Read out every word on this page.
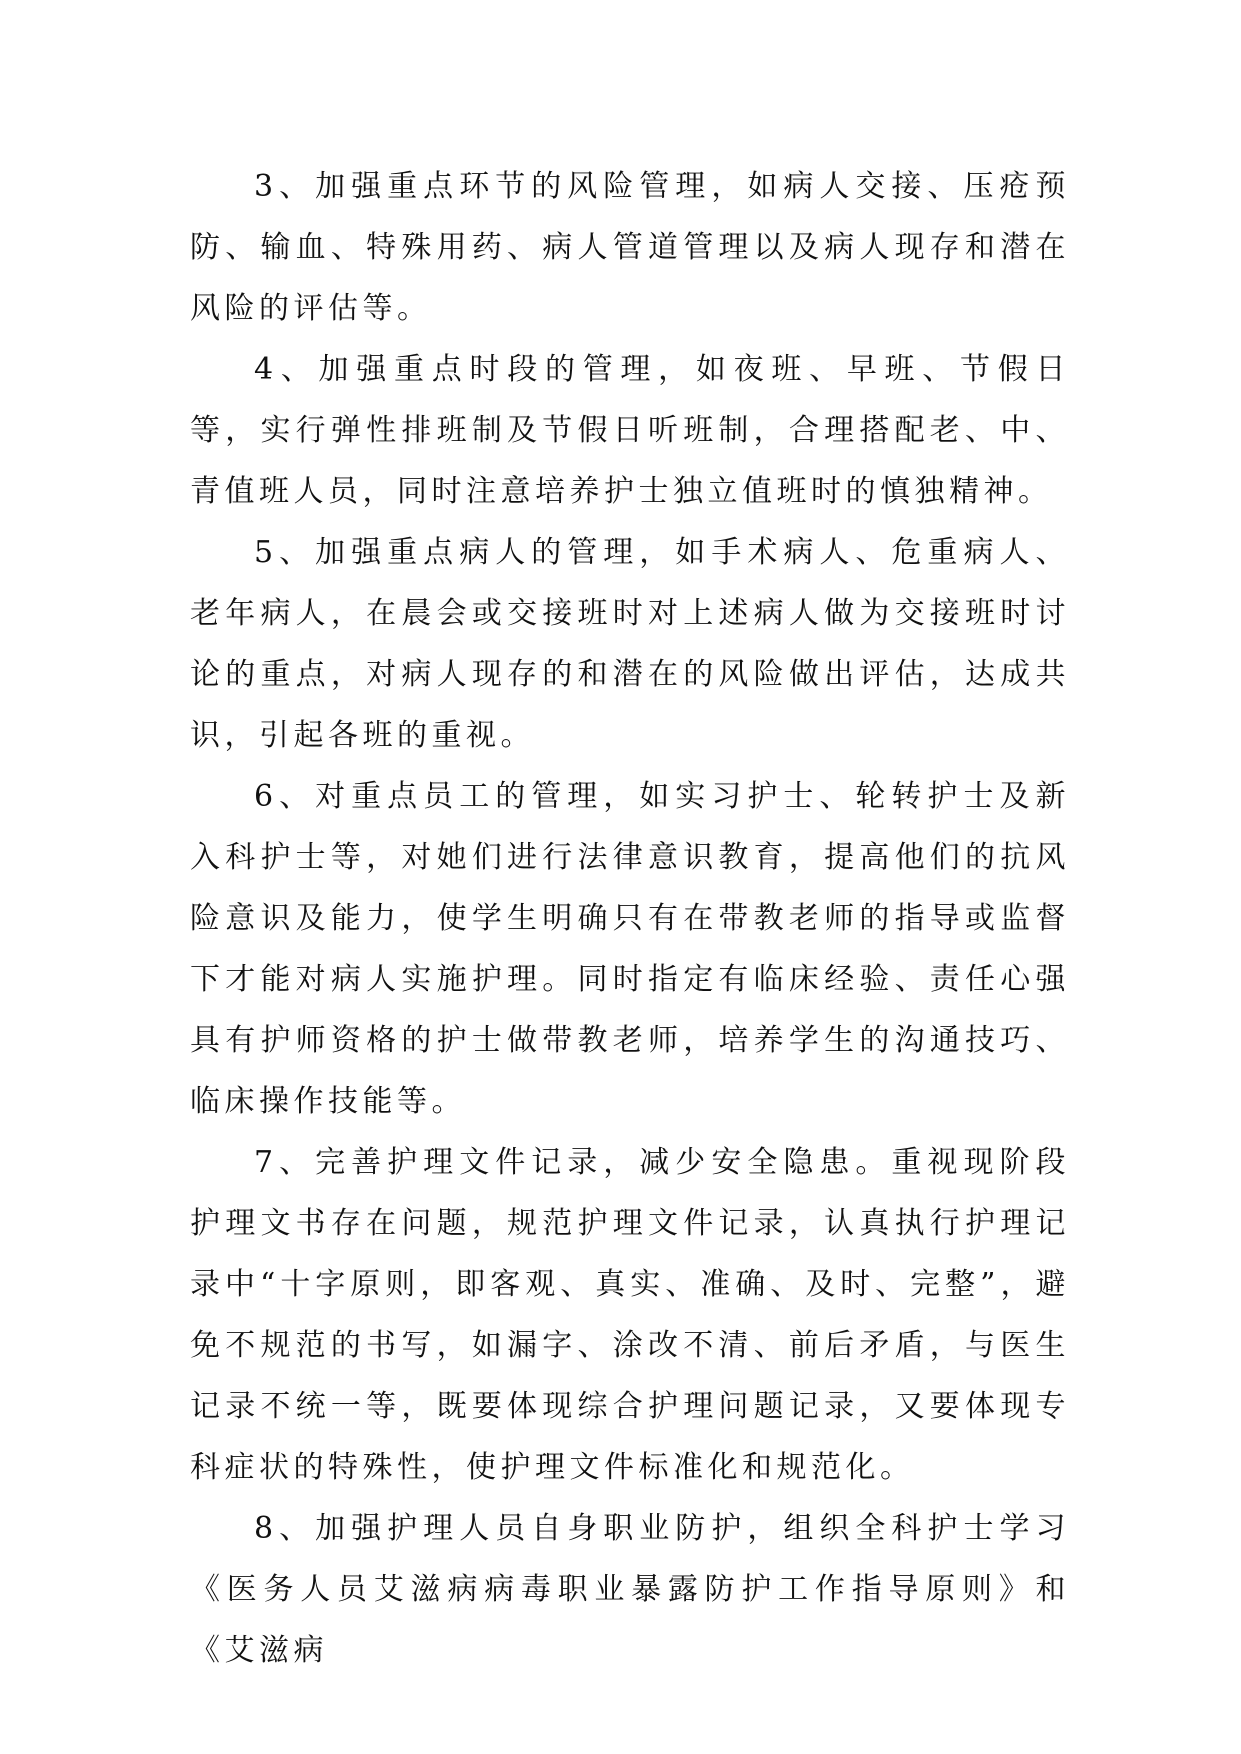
3、加强重点环节的风险管理，如病人交接、压疮预防、输血、特殊用药、病人管道管理以及病人现存和潜在风险的评估等。

4、加强重点时段的管理，如夜班、早班、节假日等，实行弹性排班制及节假日听班制，合理搭配老、中、青值班人员，同时注意培养护士独立值班时的慎独精神。

5、加强重点病人的管理，如手术病人、危重病人、老年病人，在晨会或交接班时对上述病人做为交接班时讨论的重点，对病人现存的和潜在的风险做出评估，达成共识，引起各班的重视。

6、对重点员工的管理，如实习护士、轮转护士及新入科护士等，对她们进行法律意识教育，提高他们的抗风险意识及能力，使学生明确只有在带教老师的指导或监督下才能对病人实施护理。同时指定有临床经验、责任心强具有护师资格的护士做带教老师，培养学生的沟通技巧、临床操作技能等。

7、完善护理文件记录，减少安全隐患。重视现阶段护理文书存在问题，规范护理文件记录，认真执行护理记录中“十字原则，即客观、真实、准确、及时、完整”，避免不规范的书写，如漏字、涂改不清、前后矛盾，与医生记录不统一等，既要体现综合护理问题记录，又要体现专科症状的特殊性，使护理文件标准化和规范化。

8、加强护理人员自身职业防护，组织全科护士学习《医务人员艾滋病病毒职业暴露防护工作指导原则》和《艾滋病
